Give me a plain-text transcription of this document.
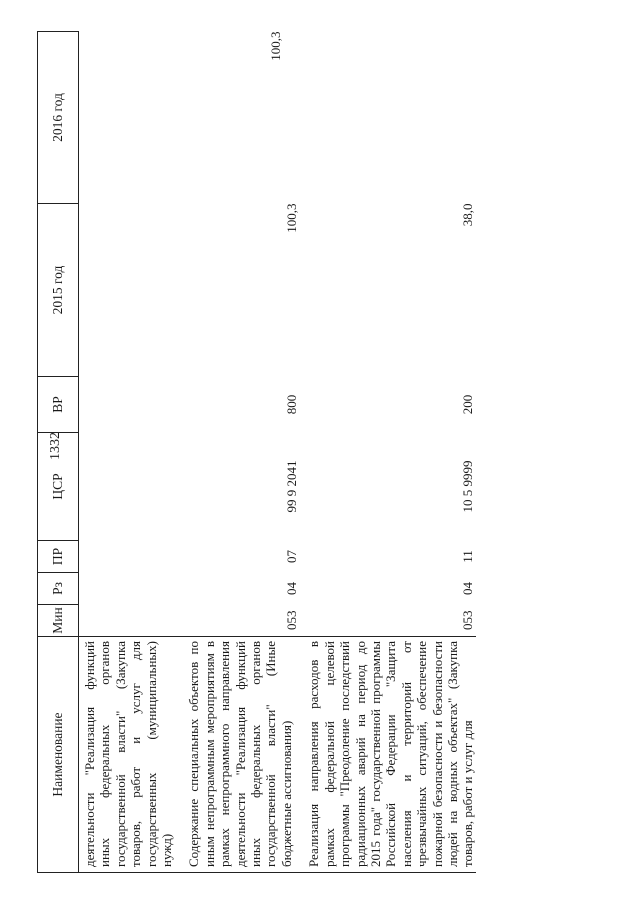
1332
Наименование	Мин	Рз	ПР	ЦСР	ВР	2015 год	2016 год

деятельности "Реализация функций иных федеральных органов государственной власти" (Закупка товаров, работ и услуг для государственных (муниципальных) нужд)							

Содержание специальных объектов по иным непрограммным мероприятиям в рамках непрограммного направления деятельности "Реализация функций иных федеральных органов государственной власти" (Иные бюджетные ассигнования)	053	04	07	99 9 2041	800	100,3	100,3

Реализация направления расходов в рамках федеральной целевой программы "Преодоление последствий радиационных аварий на период до 2015 года" государственной программы Российской Федерации "Защита населения и территорий от чрезвычайных ситуаций, обеспечение пожарной безопасности и безопасности людей на водных объектах" (Закупка товаров, работ и услуг для	053	04	11	10 5 9999	200	38,0	
